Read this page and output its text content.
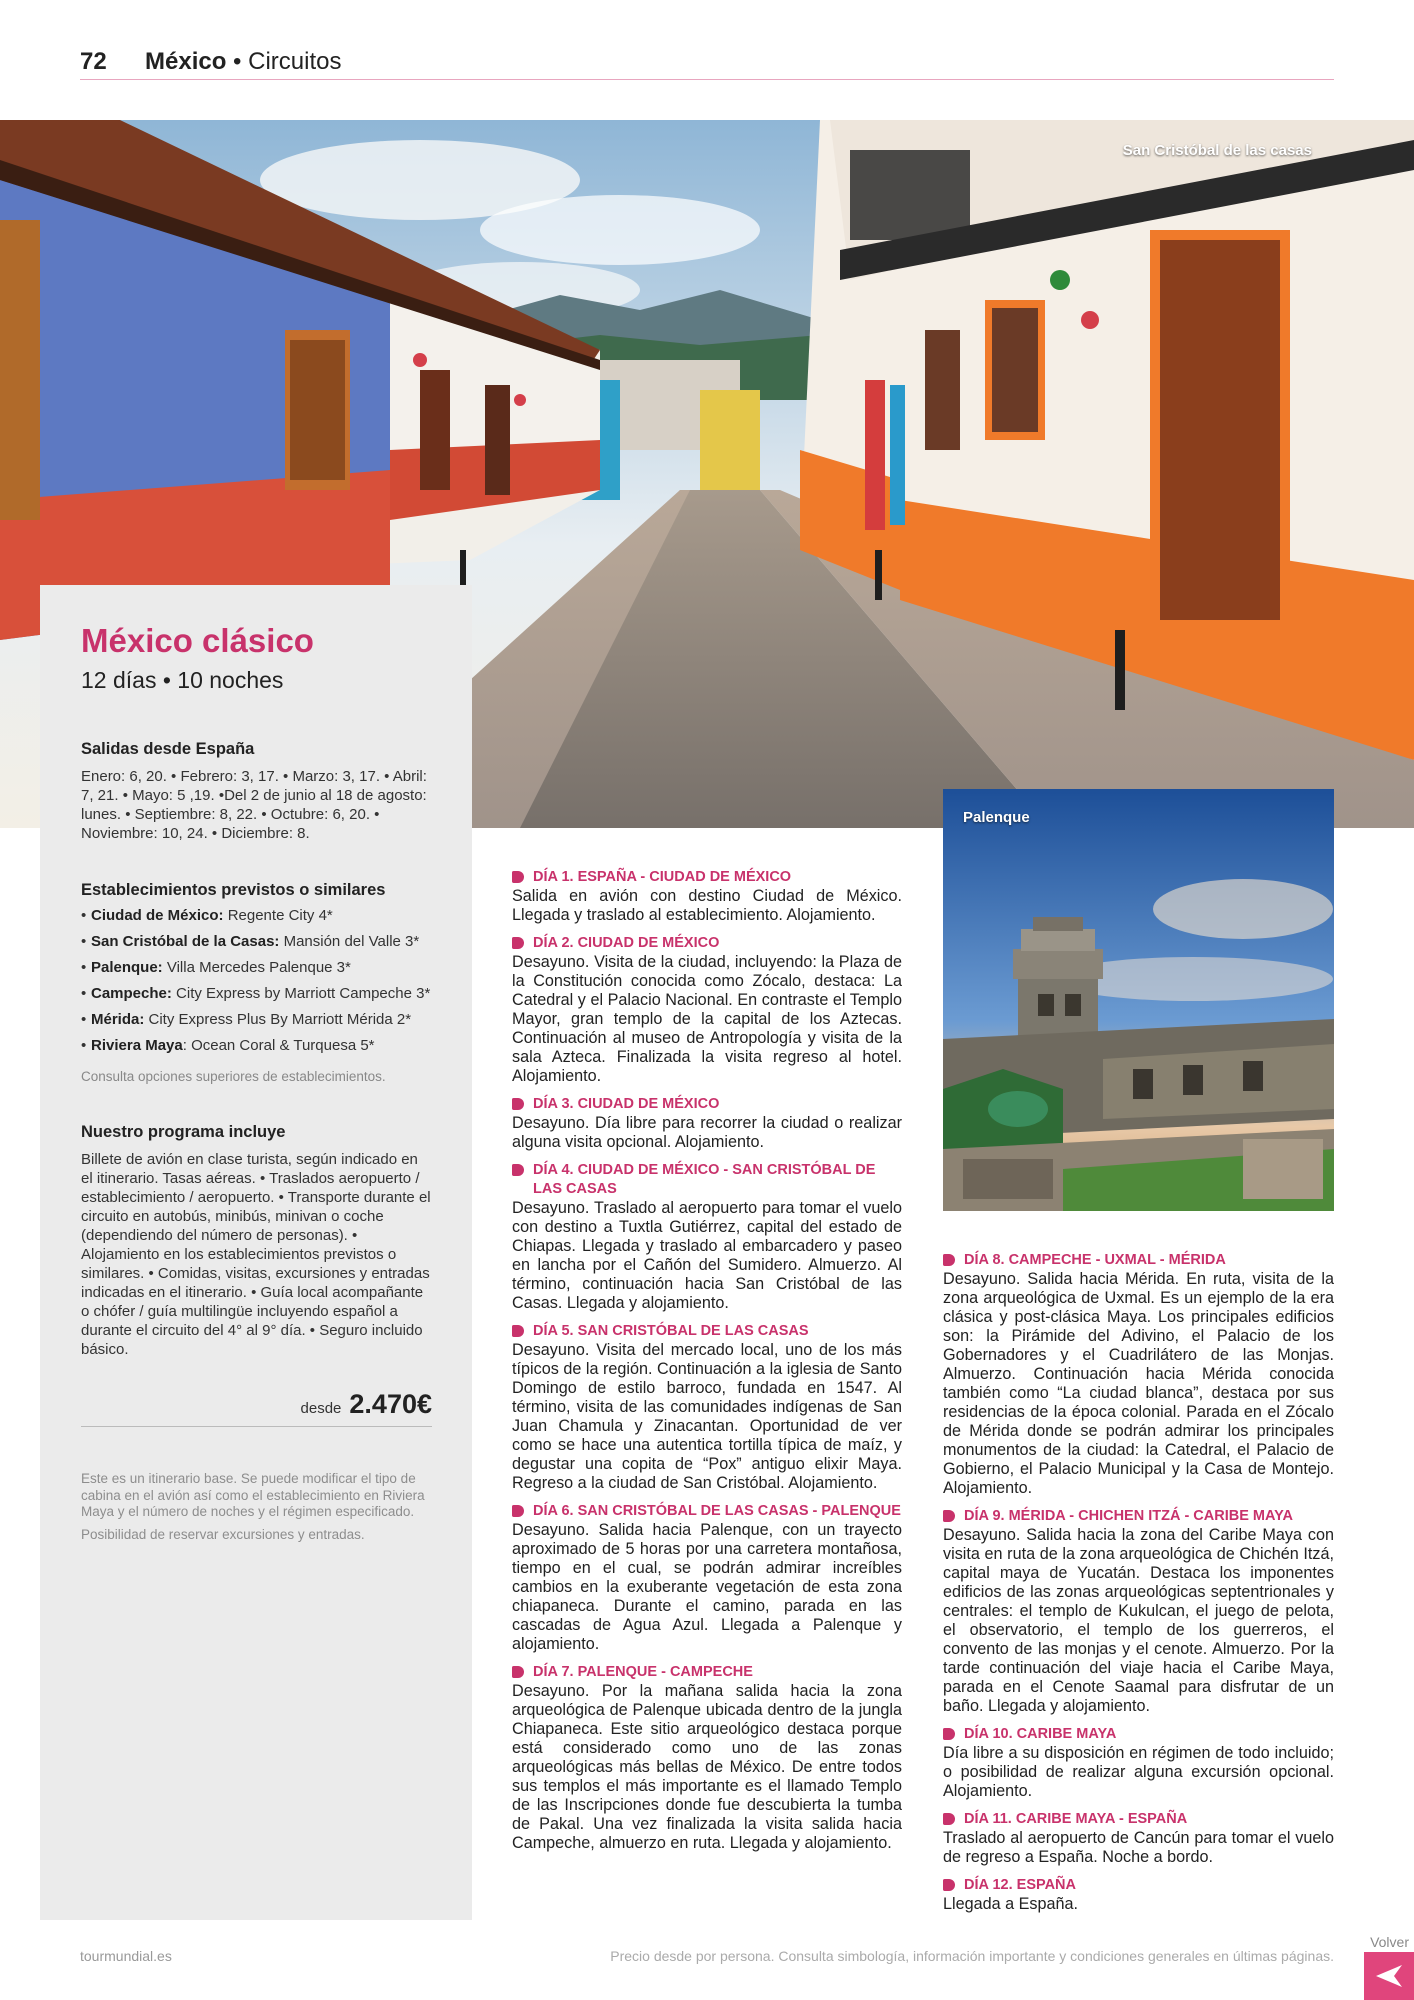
72 México • Circuitos
San Cristóbal de las casas
México clásico
12 días • 10 noches
Salidas desde España

Enero: 6, 20. • Febrero: 3, 17. • Marzo: 3, 17. • Abril: 7, 21. • Mayo: 5 ,19. •Del 2 de junio al 18 de agosto: lunes. • Septiembre: 8, 22. • Octubre: 6, 20. • Noviembre: 10, 24. • Diciembre: 8.

Establecimientos previstos o similares
• Ciudad de México: Regente City 4*
• San Cristóbal de la Casas: Mansión del Valle 3*
• Palenque: Villa Mercedes Palenque 3*
• Campeche: City Express by Marriott Campeche 3*
• Mérida: City Express Plus By Marriott Mérida 2*
• Riviera Maya: Ocean Coral & Turquesa 5*

Consulta opciones superiores de establecimientos.

Nuestro programa incluye

Billete de avión en clase turista, según indicado en el itinerario. Tasas aéreas. • Traslados aeropuerto / establecimiento / aeropuerto. • Transporte durante el circuito en autobús, minibús, minivan o coche (dependiendo del número de personas). • Alojamiento en los establecimientos previstos o similares. • Comidas, visitas, excursiones y entradas indicadas en el itinerario. • Guía local acompañante o chófer / guía multilingüe incluyendo español a durante el circuito del 4° al 9° día. • Seguro incluido básico.

desde 2.470€

Este es un itinerario base. Se puede modificar el tipo de cabina en el avión así como el establecimiento en Riviera Maya y el número de noches y el régimen especificado.

Posibilidad de reservar excursiones y entradas.

Palenque
DÍA 1. ESPAÑA - CIUDAD DE MÉXICO

Salida en avión con destino Ciudad de México. Llegada y traslado al establecimiento. Alojamiento.

DÍA 2. CIUDAD DE MÉXICO

Desayuno. Visita de la ciudad, incluyendo: la Plaza de la Constitución conocida como Zócalo, destaca: La Catedral y el Palacio Nacional. En contraste el Templo Mayor, gran templo de la capital de los Aztecas. Continuación al museo de Antropología y visita de la sala Azteca. Finalizada la visita regreso al hotel. Alojamiento.

DÍA 3. CIUDAD DE MÉXICO

Desayuno. Día libre para recorrer la ciudad o realizar alguna visita opcional. Alojamiento.

DÍA 4. CIUDAD DE MÉXICO - SAN CRISTÓBAL DE LAS CASAS

Desayuno. Traslado al aeropuerto para tomar el vuelo con destino a Tuxtla Gutiérrez, capital del estado de Chiapas. Llegada y traslado al embarcadero y paseo en lancha por el Cañón del Sumidero. Almuerzo. Al término, continuación hacia San Cristóbal de las Casas. Llegada y alojamiento.

DÍA 5. SAN CRISTÓBAL DE LAS CASAS

Desayuno. Visita del mercado local, uno de los más típicos de la región. Continuación a la iglesia de Santo Domingo de estilo barroco, fundada en 1547. Al término, visita de las comunidades indígenas de San Juan Chamula y Zinacantan. Oportunidad de ver como se hace una autentica tortilla típica de maíz, y degustar una copita de “Pox” antiguo elixir Maya. Regreso a la ciudad de San Cristóbal. Alojamiento.

DÍA 6. SAN CRISTÓBAL DE LAS CASAS - PALENQUE

Desayuno. Salida hacia Palenque, con un trayecto aproximado de 5 horas por una carretera montañosa, tiempo en el cual, se podrán admirar increíbles cambios en la exuberante vegetación de esta zona chiapaneca. Durante el camino, parada en las cascadas de Agua Azul. Llegada a Palenque y alojamiento.

DÍA 7. PALENQUE - CAMPECHE

Desayuno. Por la mañana salida hacia la zona arqueológica de Palenque ubicada dentro de la jungla Chiapaneca. Este sitio arqueológico destaca porque está considerado como uno de las zonas arqueológicas más bellas de México. De entre todos sus templos el más importante es el llamado Templo de las Inscripciones donde fue descubierta la tumba de Pakal. Una vez finalizada la visita salida hacia Campeche, almuerzo en ruta. Llegada y alojamiento.

DÍA 8. CAMPECHE - UXMAL - MÉRIDA

Desayuno. Salida hacia Mérida. En ruta, visita de la zona arqueológica de Uxmal. Es un ejemplo de la era clásica y post-clásica Maya. Los principales edificios son: la Pirámide del Adivino, el Palacio de los Gobernadores y el Cuadrilátero de las Monjas. Almuerzo. Continuación hacia Mérida conocida también como “La ciudad blanca”, destaca por sus residencias de la época colonial. Parada en el Zócalo de Mérida donde se podrán admirar los principales monumentos de la ciudad: la Catedral, el Palacio de Gobierno, el Palacio Municipal y la Casa de Montejo. Alojamiento.

DÍA 9. MÉRIDA - CHICHEN ITZÁ - CARIBE MAYA

Desayuno. Salida hacia la zona del Caribe Maya con visita en ruta de la zona arqueológica de Chichén Itzá, capital maya de Yucatán. Destaca los imponentes edificios de las zonas arqueológicas septentrionales y centrales: el templo de Kukulcan, el juego de pelota, el observatorio, el templo de los guerreros, el convento de las monjas y el cenote. Almuerzo. Por la tarde continuación del viaje hacia el Caribe Maya, parada en el Cenote Saamal para disfrutar de un baño. Llegada y alojamiento.

DÍA 10. CARIBE MAYA

Día libre a su disposición en régimen de todo incluido; o posibilidad de realizar alguna excursión opcional. Alojamiento.

DÍA 11. CARIBE MAYA - ESPAÑA

Traslado al aeropuerto de Cancún para tomar el vuelo de regreso a España. Noche a bordo.

DÍA 12. ESPAÑA

Llegada a España.

tourmundial.es	Precio desde por persona. Consulta simbología, información importante y condiciones generales en últimas páginas.
Volver
